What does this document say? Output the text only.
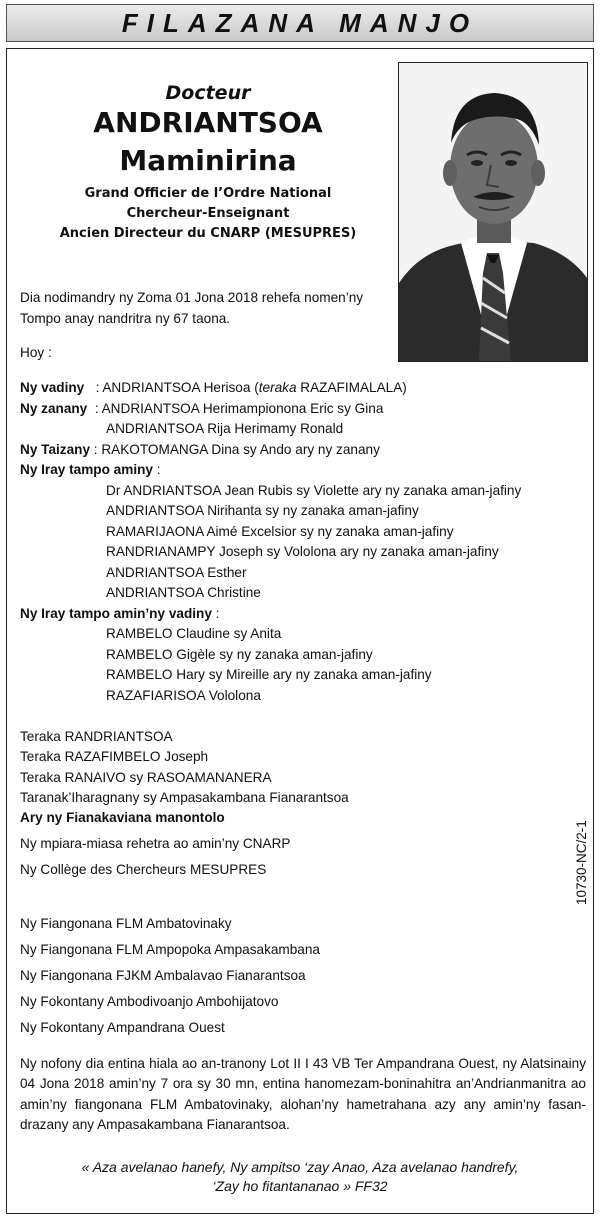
FILAZANA MANJO
Docteur
ANDRIANTSOA
Maminirina
Grand Officier de l’Ordre National
Chercheur-Enseignant
Ancien Directeur du CNARP (MESUPRES)
Dia nodimandry ny Zoma 01 Jona 2018 rehefa nomen’ny
Tompo anay nandritra ny 67 taona.
Hoy :
Ny vadiny : ANDRIANTSOA Herisoa (teraka RAZAFIMALALA)
Ny zanany : ANDRIANTSOA Herimampionona Eric sy Gina
ANDRIANTSOA Rija Herimamy Ronald
Ny Taizany : RAKOTOMANGA Dina sy Ando ary ny zanany
Ny Iray tampo aminy :
Dr ANDRIANTSOA Jean Rubis sy Violette ary ny zanaka aman-jafiny
ANDRIANTSOA Nirihanta sy ny zanaka aman-jafiny
RAMARIJAONA Aimé Excelsior sy ny zanaka aman-jafiny
RANDRIANAMPY Joseph sy Vololona ary ny zanaka aman-jafiny
ANDRIANTSOA Esther
ANDRIANTSOA Christine
Ny Iray tampo amin’ny vadiny :
RAMBELO Claudine sy Anita
RAMBELO Gigèle sy ny zanaka aman-jafiny
RAMBELO Hary sy Mireille ary ny zanaka aman-jafiny
RAZAFIARISOA Vololona
Teraka RANDRIANTSOA
Teraka RAZAFIMBELO Joseph
Teraka RANAIVO sy RASOAMANANERA
Taranak’Iharagnany sy Ampasakambana Fianarantsoa
Ary ny Fianakaviana manontolo
Ny mpiara-miasa rehetra ao amin’ny CNARP
Ny Collège des Chercheurs MESUPRES
Ny Fiangonana FLM Ambatovinaky
Ny Fiangonana FLM Ampopoka Ampasakambana
Ny Fiangonana FJKM Ambalavao Fianarantsoa
Ny Fokontany Ambodivoanjo Ambohijatovo
Ny Fokontany Ampandrana Ouest
Ny nofony dia entina hiala ao an-tranony Lot II I 43 VB Ter Ampandrana Ouest, ny Alatsinainy 04 Jona 2018 amin’ny 7 ora sy 30 mn, entina hanomezam-boninahitra an’Andrianmanitra ao amin’ny fiangonana FLM Ambatovinaky, alohan’ny hametrahana azy any amin’ny fasan-drazany any Ampasakambana Fianarantsoa.
10730-NC/2-1
« Aza avelanao hanefy, Ny ampitso ‘zay Anao, Aza avelanao handrefy,
‘Zay ho fitantananao » FF32
